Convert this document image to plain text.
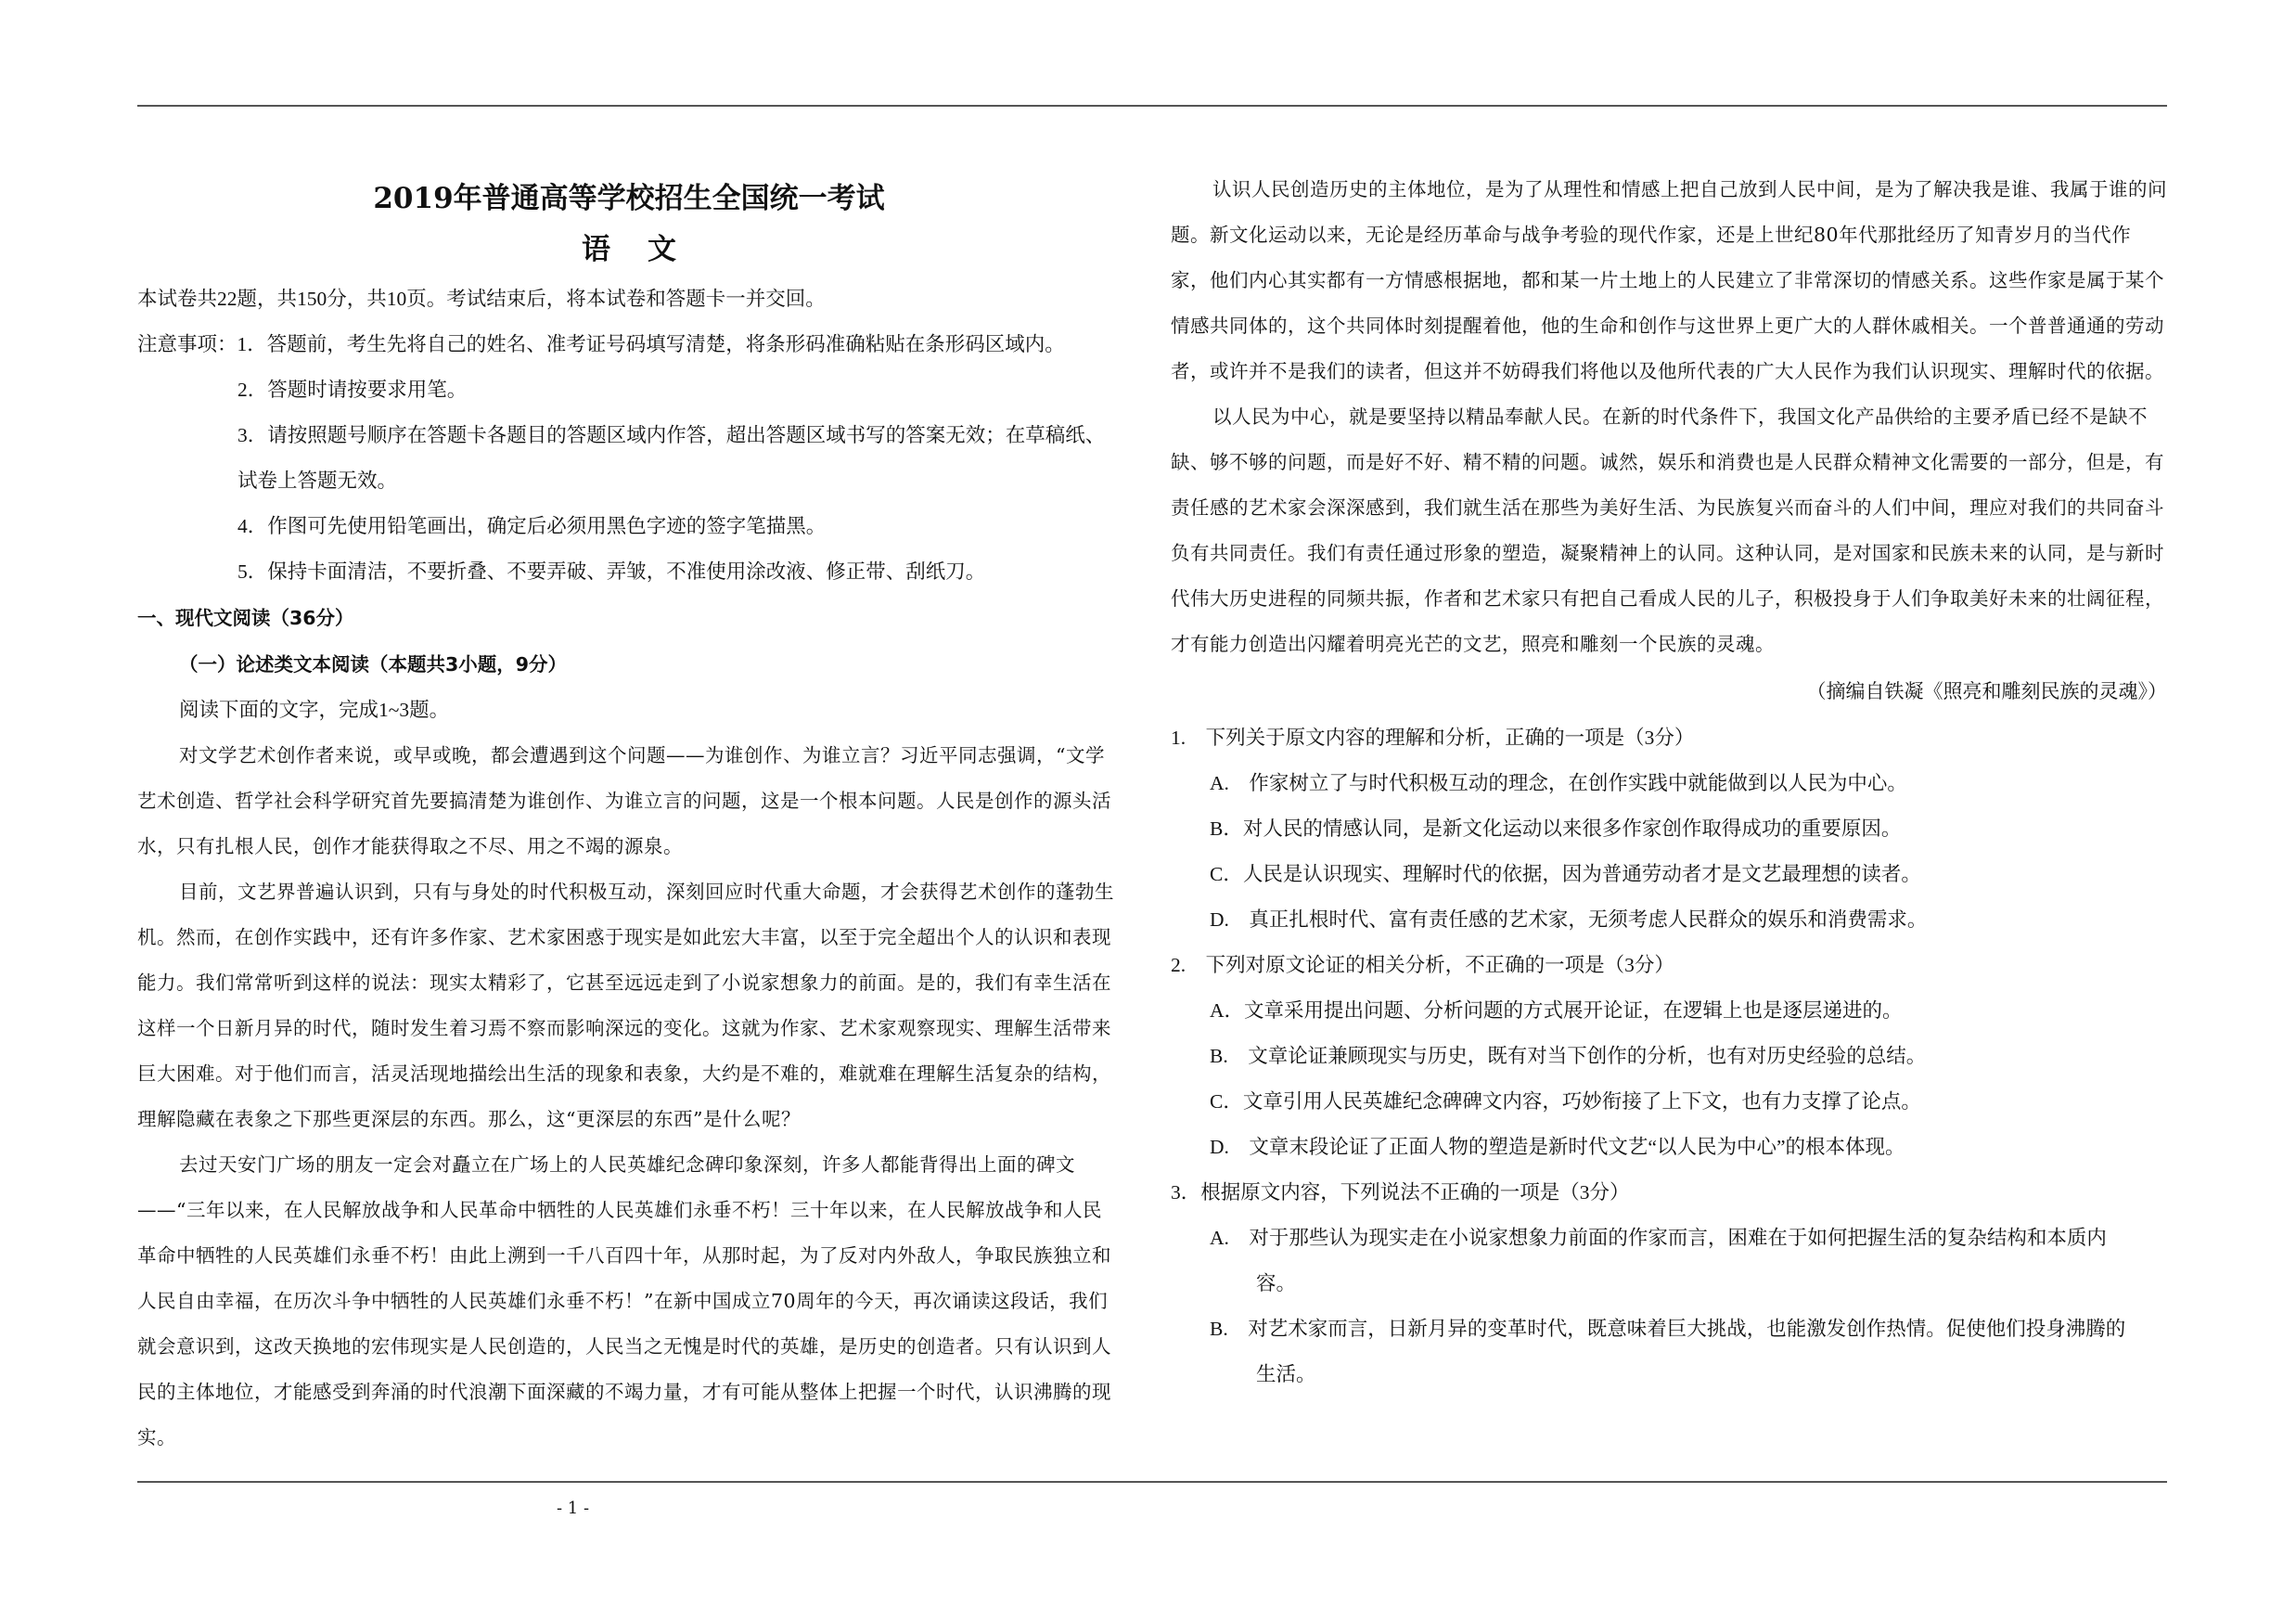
2019年普通高等学校招生全国统一考试
语文

本试卷共22题，共150分，共10页。考试结束后，将本试卷和答题卡一并交回。

注意事项：1．答题前，考生先将自己的姓名、准考证号码填写清楚，将条形码准确粘贴在条形码区域内。

2．答题时请按要求用笔。

3．请按照题号顺序在答题卡各题目的答题区域内作答，超出答题区域书写的答案无效；在草稿纸、

试卷上答题无效。

4．作图可先使用铅笔画出，确定后必须用黑色字迹的签字笔描黑。

5．保持卡面清洁，不要折叠、不要弄破、弄皱，不准使用涂改液、修正带、刮纸刀。

一、现代文阅读（36分）
（一）论述类文本阅读（本题共3小题，9分）

阅读下面的文字，完成1~3题。

对文学艺术创作者来说，或早或晚，都会遭遇到这个问题——为谁创作、为谁立言？习近平同志强调，“文学艺术创造、哲学社会科学研究首先要搞清楚为谁创作、为谁立言的问题，这是一个根本问题。人民是创作的源头活水，只有扎根人民，创作才能获得取之不尽、用之不竭的源泉。

目前，文艺界普遍认识到，只有与身处的时代积极互动，深刻回应时代重大命题，才会获得艺术创作的蓬勃生机。然而，在创作实践中，还有许多作家、艺术家困惑于现实是如此宏大丰富，以至于完全超出个人的认识和表现能力。我们常常听到这样的说法：现实太精彩了，它甚至远远走到了小说家想象力的前面。是的，我们有幸生活在这样一个日新月异的时代，随时发生着习焉不察而影响深远的变化。这就为作家、艺术家观察现实、理解生活带来巨大困难。对于他们而言，活灵活现地描绘出生活的现象和表象，大约是不难的，难就难在理解生活复杂的结构，理解隐藏在表象之下那些更深层的东西。那么，这“更深层的东西”是什么呢？

去过天安门广场的朋友一定会对矗立在广场上的人民英雄纪念碑印象深刻，许多人都能背得出上面的碑文——“三年以来，在人民解放战争和人民革命中牺牲的人民英雄们永垂不朽！三十年以来，在人民解放战争和人民革命中牺牲的人民英雄们永垂不朽！由此上溯到一千八百四十年，从那时起，为了反对内外敌人，争取民族独立和人民自由幸福，在历次斗争中牺牲的人民英雄们永垂不朽！”在新中国成立70周年的今天，再次诵读这段话，我们就会意识到，这改天换地的宏伟现实是人民创造的，人民当之无愧是时代的英雄，是历史的创造者。只有认识到人民的主体地位，才能感受到奔涌的时代浪潮下面深藏的不竭力量，才有可能从整体上把握一个时代，认识沸腾的现实。

认识人民创造历史的主体地位，是为了从理性和情感上把自己放到人民中间，是为了解决我是谁、我属于谁的问题。新文化运动以来，无论是经历革命与战争考验的现代作家，还是上世纪80年代那批经历了知青岁月的当代作家，他们内心其实都有一方情感根据地，都和某一片土地上的人民建立了非常深切的情感关系。这些作家是属于某个情感共同体的，这个共同体时刻提醒着他，他的生命和创作与这世界上更广大的人群休戚相关。一个普普通通的劳动者，或许并不是我们的读者，但这并不妨碍我们将他以及他所代表的广大人民作为我们认识现实、理解时代的依据。

以人民为中心，就是要坚持以精品奉献人民。在新的时代条件下，我国文化产品供给的主要矛盾已经不是缺不缺、够不够的问题，而是好不好、精不精的问题。诚然，娱乐和消费也是人民群众精神文化需要的一部分，但是，有责任感的艺术家会深深感到，我们就生活在那些为美好生活、为民族复兴而奋斗的人们中间，理应对我们的共同奋斗负有共同责任。我们有责任通过形象的塑造，凝聚精神上的认同。这种认同，是对国家和民族未来的认同，是与新时代伟大历史进程的同频共振，作者和艺术家只有把自己看成人民的儿子，积极投身于人们争取美好未来的壮阔征程，才有能力创造出闪耀着明亮光芒的文艺，照亮和雕刻一个民族的灵魂。

（摘编自铁凝《照亮和雕刻民族的灵魂》）

1.　下列关于原文内容的理解和分析，正确的一项是（3分）

A.　作家树立了与时代积极互动的理念，在创作实践中就能做到以人民为中心。

B．对人民的情感认同，是新文化运动以来很多作家创作取得成功的重要原因。

C．人民是认识现实、理解时代的依据，因为普通劳动者才是文艺最理想的读者。

D.　真正扎根时代、富有责任感的艺术家，无须考虑人民群众的娱乐和消费需求。

2.　下列对原文论证的相关分析，不正确的一项是（3分）

A．文章采用提出问题、分析问题的方式展开论证，在逻辑上也是逐层递进的。

B.　文章论证兼顾现实与历史，既有对当下创作的分析，也有对历史经验的总结。

C．文章引用人民英雄纪念碑碑文内容，巧妙衔接了上下文，也有力支撑了论点。

D.　文章末段论证了正面人物的塑造是新时代文艺“以人民为中心”的根本体现。

3．根据原文内容，下列说法不正确的一项是（3分）

A.　对于那些认为现实走在小说家想象力前面的作家而言，困难在于如何把握生活的复杂结构和本质内

容。

B.　对艺术家而言，日新月异的变革时代，既意味着巨大挑战，也能激发创作热情。促使他们投身沸腾的

生活。

- 1 -
